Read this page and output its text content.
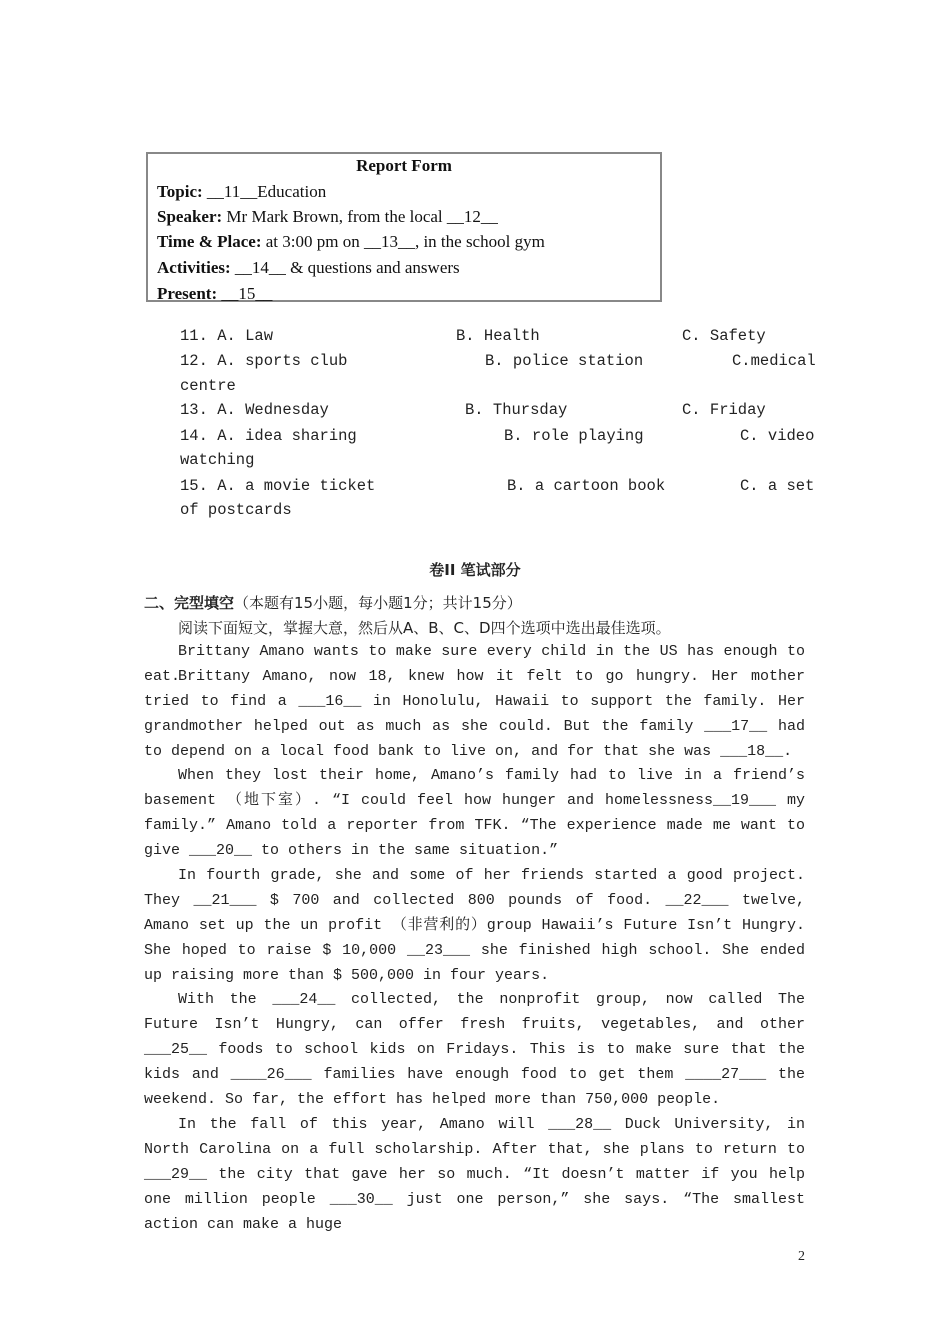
Report Form
Topic: __11__Education
Speaker: Mr Mark Brown, from the local __12__
Time & Place: at 3:00 pm on __13__, in the school gym
Activities: __14__ & questions and answers
Present: __15__
11. A. Law	B. Health	C. Safety
12. A. sports club	B. police station	C.medical
centre
13. A. Wednesday	B. Thursday	C. Friday
14. A. idea sharing	B. role playing	C. video
watching
15. A. a movie ticket	B. a cartoon book	C. a set
of postcards
卷II 笔试部分
二、完型填空（本题有15小题，每小题1分；共计15分）
阅读下面短文，掌握大意，然后从A、B、C、D四个选项中选出最佳选项。
Brittany Amano wants to make sure every child in the US has enough to eat.
Brittany Amano, now 18, knew how it felt to go hungry. Her mother tried to find a ___16__ in Honolulu, Hawaii to support the family. Her grandmother helped out as much as she could. But the family ___17__ had to depend on a local food bank to live on, and for that she was ___18__.
When they lost their home, Amano’s family had to live in a friend’s basement （地下室）. “I could feel how hunger and homelessness__19___ my family.” Amano told a reporter from TFK. “The experience made me want to give ___20__ to others in the same situation.”
In fourth grade, she and some of her friends started a good project. They __21___ $ 700 and collected 800 pounds of food. __22___ twelve, Amano set up the un profit （非营利的）group Hawaii’s Future Isn’t Hungry. She hoped to raise $ 10,000 __23___ she finished high school. She ended up raising more than $ 500,000 in four years.
With the ___24__ collected, the nonprofit group, now called The Future Isn’t Hungry, can offer fresh fruits, vegetables, and other ___25__ foods to school kids on Fridays. This is to make sure that the kids and ____26___ families have enough food to get them ____27___ the weekend. So far, the effort has helped more than 750,000 people.
In the fall of this year, Amano will ___28__ Duck University, in North Carolina on a full scholarship. After that, she plans to return to ___29__ the city that gave her so much. “It doesn’t matter if you help one million people ___30__ just one person,” she says. “The smallest action can make a huge
2
